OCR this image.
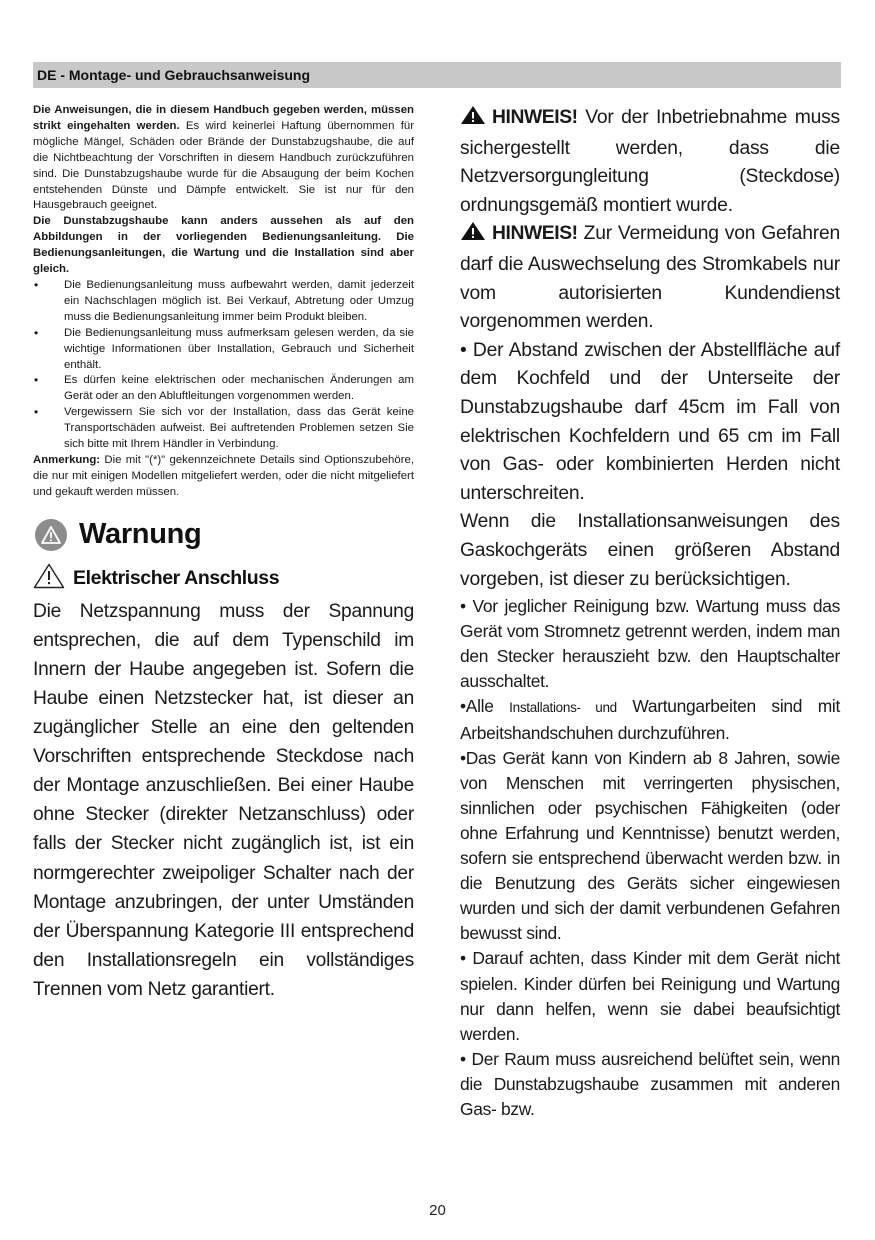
DE - Montage- und Gebrauchsanweisung

Die Anweisungen, die in diesem Handbuch gegeben werden, müssen strikt eingehalten werden. Es wird keinerlei Haftung übernommen für mögliche Mängel, Schäden oder Brände der Dunstabzugshaube, die auf die Nichtbeachtung der Vorschriften in diesem Handbuch zurückzuführen sind. Die Dunstabzugshaube wurde für die Absaugung der beim Kochen entstehenden Dünste und Dämpfe entwickelt. Sie ist nur für den Hausgebrauch geeignet.

Die Dunstabzugshaube kann anders aussehen als auf den Abbildungen in der vorliegenden Bedienungsanleitung. Die Bedienungsanleitungen, die Wartung und die Installation sind aber gleich.

• Die Bedienungsanleitung muss aufbewahrt werden, damit jederzeit ein Nachschlagen möglich ist. Bei Verkauf, Abtretung oder Umzug muss die Bedienungsanleitung immer beim Produkt bleiben.
• Die Bedienungsanleitung muss aufmerksam gelesen werden, da sie wichtige Informationen über Installation, Gebrauch und Sicherheit enthält.
• Es dürfen keine elektrischen oder mechanischen Änderungen am Gerät oder an den Abluftleitungen vorgenommen werden.
• Vergewissern Sie sich vor der Installation, dass das Gerät keine Transportschäden aufweist. Bei auftretenden Problemen setzen Sie sich bitte mit Ihrem Händler in Verbindung.

Anmerkung: Die mit "(*)" gekennzeichnete Details sind Optionszubehöre, die nur mit einigen Modellen mitgeliefert werden, oder die nicht mitgeliefert und gekauft werden müssen.

Warnung
Elektrischer Anschluss
Die Netzspannung muss der Spannung entsprechen, die auf dem Typenschild im Innern der Haube angegeben ist. Sofern die Haube einen Netzstecker hat, ist dieser an zugänglicher Stelle an eine den geltenden Vorschriften entsprechende Steckdose nach der Montage anzuschließen. Bei einer Haube ohne Stecker (direkter Netzanschluss) oder falls der Stecker nicht zugänglich ist, ist ein normgerechter zweipoliger Schalter nach der Montage anzubringen, der unter Umständen der Überspannung Kategorie III entsprechend den Installationsregeln ein vollständiges Trennen vom Netz garantiert.

HINWEIS! Vor der Inbetriebnahme muss sichergestellt werden, dass die Netzversorgungleitung (Steckdose) ordnungsgemäß montiert wurde.

HINWEIS! Zur Vermeidung von Gefahren darf die Auswechselung des Stromkabels nur vom autorisierten Kundendienst vorgenommen werden.

• Der Abstand zwischen der Abstellfläche auf dem Kochfeld und der Unterseite der Dunstabzugshaube darf 45cm im Fall von elektrischen Kochfeldern und 65 cm im Fall von Gas- oder kombinierten Herden nicht unterschreiten.

Wenn die Installationsanweisungen des Gaskochgeräts einen größeren Abstand vorgeben, ist dieser zu berücksichtigen.

• Vor jeglicher Reinigung bzw. Wartung muss das Gerät vom Stromnetz getrennt werden, indem man den Stecker herauszieht bzw. den Hauptschalter ausschaltet.

•Alle Installations- und Wartungarbeiten sind mit Arbeitshandschuhen durchzuführen.

•Das Gerät kann von Kindern ab 8 Jahren, sowie von Menschen mit verringerten physischen, sinnlichen oder psychischen Fähigkeiten (oder ohne Erfahrung und Kenntnisse) benutzt werden, sofern sie entsprechend überwacht werden bzw. in die Benutzung des Geräts sicher eingewiesen wurden und sich der damit verbundenen Gefahren bewusst sind.

• Darauf achten, dass Kinder mit dem Gerät nicht spielen. Kinder dürfen bei Reinigung und Wartung nur dann helfen, wenn sie dabei beaufsichtigt werden.

• Der Raum muss ausreichend belüftet sein, wenn die Dunstabzugshaube zusammen mit anderen Gas- bzw.

20
